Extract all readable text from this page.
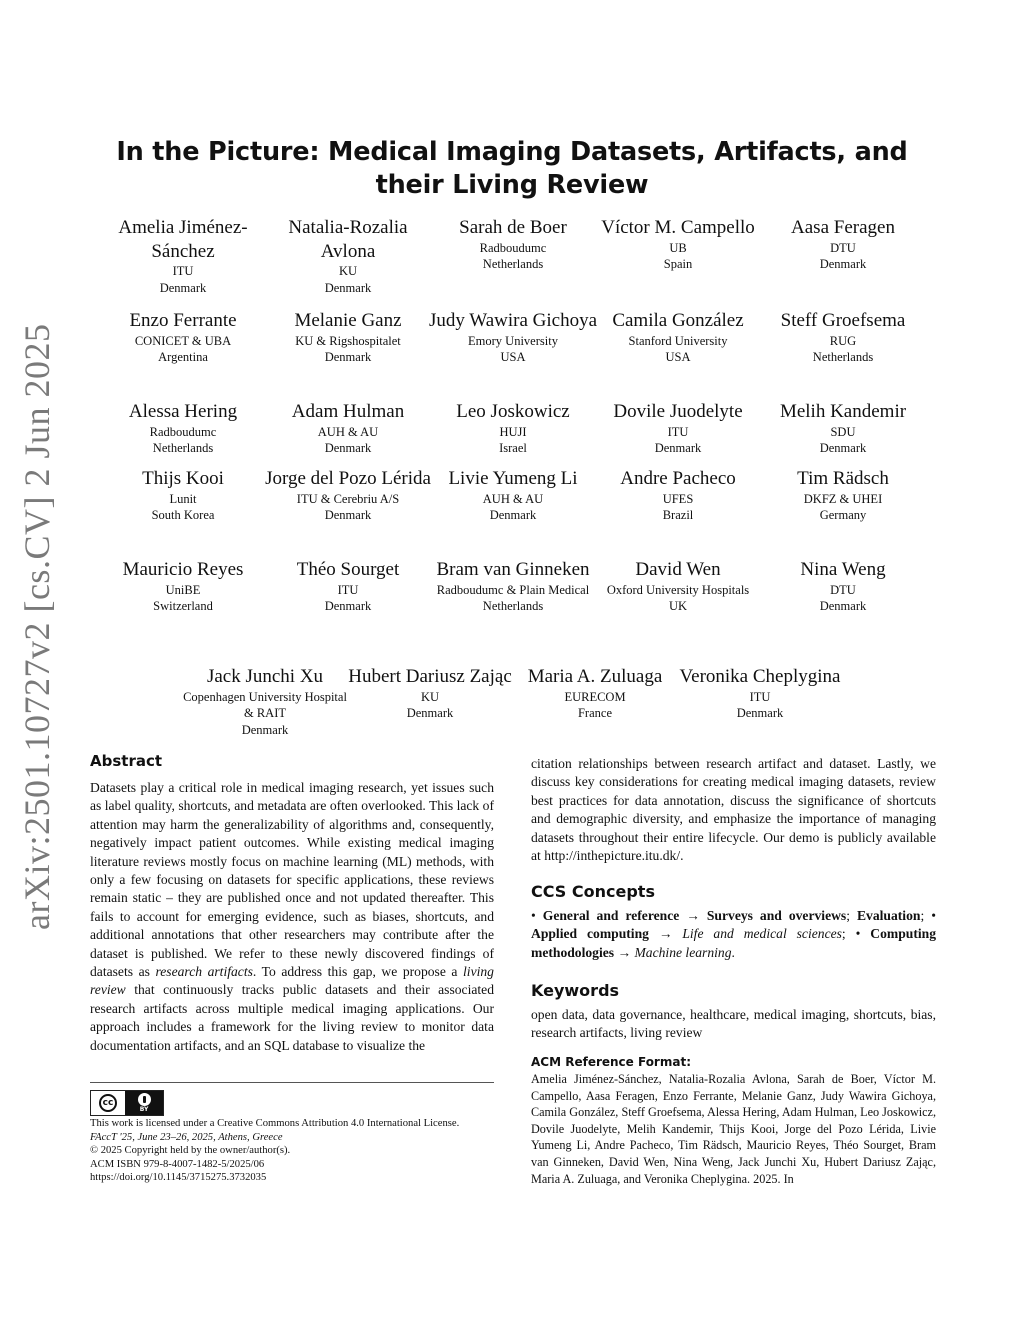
arXiv:2501.10727v2 [cs.CV] 2 Jun 2025
In the Picture: Medical Imaging Datasets, Artifacts, and their Living Review
Amelia Jiménez-Sánchez
ITU
Denmark
Natalia-Rozalia Avlona
KU
Denmark
Sarah de Boer
Radboudumc
Netherlands
Víctor M. Campello
UB
Spain
Aasa Feragen
DTU
Denmark
Enzo Ferrante
CONICET & UBA
Argentina
Melanie Ganz
KU & Rigshospitalet
Denmark
Judy Wawira Gichoya
Emory University
USA
Camila González
Stanford University
USA
Steff Groefsema
RUG
Netherlands
Alessa Hering
Radboudumc
Netherlands
Adam Hulman
AUH & AU
Denmark
Leo Joskowicz
HUJI
Israel
Dovile Juodelyte
ITU
Denmark
Melih Kandemir
SDU
Denmark
Thijs Kooi
Lunit
South Korea
Jorge del Pozo Lérida
ITU & Cerebriu A/S
Denmark
Livie Yumeng Li
AUH & AU
Denmark
Andre Pacheco
UFES
Brazil
Tim Rädsch
DKFZ & UHEI
Germany
Mauricio Reyes
UniBE
Switzerland
Théo Sourget
ITU
Denmark
Bram van Ginneken
Radboudumc & Plain Medical
Netherlands
David Wen
Oxford University Hospitals
UK
Nina Weng
DTU
Denmark
Jack Junchi Xu
Copenhagen University Hospital & RAIT
Denmark
Hubert Dariusz Zając
KU
Denmark
Maria A. Zuluaga
EURECOM
France
Veronika Cheplygina
ITU
Denmark
Abstract

Datasets play a critical role in medical imaging research, yet issues such as label quality, shortcuts, and metadata are often overlooked. This lack of attention may harm the generalizability of algorithms and, consequently, negatively impact patient outcomes. While existing medical imaging literature reviews mostly focus on machine learning (ML) methods, with only a few focusing on datasets for specific applications, these reviews remain static – they are published once and not updated thereafter. This fails to account for emerging evidence, such as biases, shortcuts, and additional annotations that other researchers may contribute after the dataset is published. We refer to these newly discovered findings of datasets as research artifacts. To address this gap, we propose a living review that continuously tracks public datasets and their associated research artifacts across multiple medical imaging applications. Our approach includes a framework for the living review to monitor data documentation artifacts, and an SQL database to visualize the

cc
BY
This work is licensed under a Creative Commons Attribution 4.0 International License.
FAccT '25, June 23–26, 2025, Athens, Greece
© 2025 Copyright held by the owner/author(s).
ACM ISBN 979-8-4007-1482-5/2025/06
https://doi.org/10.1145/3715275.3732035

citation relationships between research artifact and dataset. Lastly, we discuss key considerations for creating medical imaging datasets, review best practices for data annotation, discuss the significance of shortcuts and demographic diversity, and emphasize the importance of managing datasets throughout their entire lifecycle. Our demo is publicly available at http://inthepicture.itu.dk/.

CCS Concepts

• General and reference → Surveys and overviews; Evaluation; • Applied computing → Life and medical sciences; • Computing methodologies → Machine learning.

Keywords

open data, data governance, healthcare, medical imaging, shortcuts, bias, research artifacts, living review

ACM Reference Format:

Amelia Jiménez-Sánchez, Natalia-Rozalia Avlona, Sarah de Boer, Víctor M. Campello, Aasa Feragen, Enzo Ferrante, Melanie Ganz, Judy Wawira Gichoya, Camila González, Steff Groefsema, Alessa Hering, Adam Hulman, Leo Joskowicz, Dovile Juodelyte, Melih Kandemir, Thijs Kooi, Jorge del Pozo Lérida, Livie Yumeng Li, Andre Pacheco, Tim Rädsch, Mauricio Reyes, Théo Sourget, Bram van Ginneken, David Wen, Nina Weng, Jack Junchi Xu, Hubert Dariusz Zając, Maria A. Zuluaga, and Veronika Cheplygina. 2025. In
